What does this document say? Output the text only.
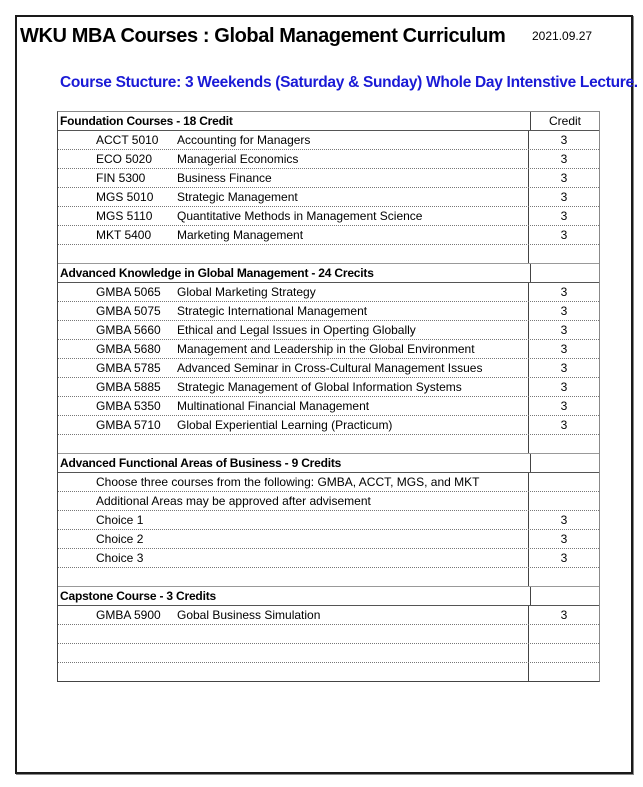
WKU MBA Courses : Global Management Curriculum 2021.09.27
Course Stucture: 3 Weekends (Saturday & Sunday) Whole Day Intenstive Lecture.
Foundation Courses - 18 Credit	Credit
ACCT 5010 Accounting for Managers	3
ECO 5020 Managerial Economics	3
FIN 5300	Business Finance	3
MGS 5010 Strategic Management	3
MGS 5110 Quantitative Methods in Management Science	3
MKT 5400 Marketing Management	3
Advanced Knowledge in Global Management - 24 Crecits
GMBA 5065 Global Marketing Strategy	3
GMBA 5075 Strategic International Management	3
GMBA 5660 Ethical and Legal Issues in Operting Globally	3
GMBA 5680 Management and Leadership in the Global Environment	3
GMBA 5785 Advanced Seminar in Cross-Cultural Management Issues	3
GMBA 5885 Strategic Management of Global Information Systems	3
GMBA 5350 Multinational Financial Management	3
GMBA 5710 Global Experiential Learning (Practicum)	3
Advanced Functional Areas of Business - 9 Credits
Choose three courses from the following: GMBA, ACCT, MGS, and MKT
Additional Areas may be approved after advisement
Choice 1	3
Choice 2	3
Choice 3	3
Capstone Course - 3 Credits
GMBA 5900 Gobal Business Simulation	3
